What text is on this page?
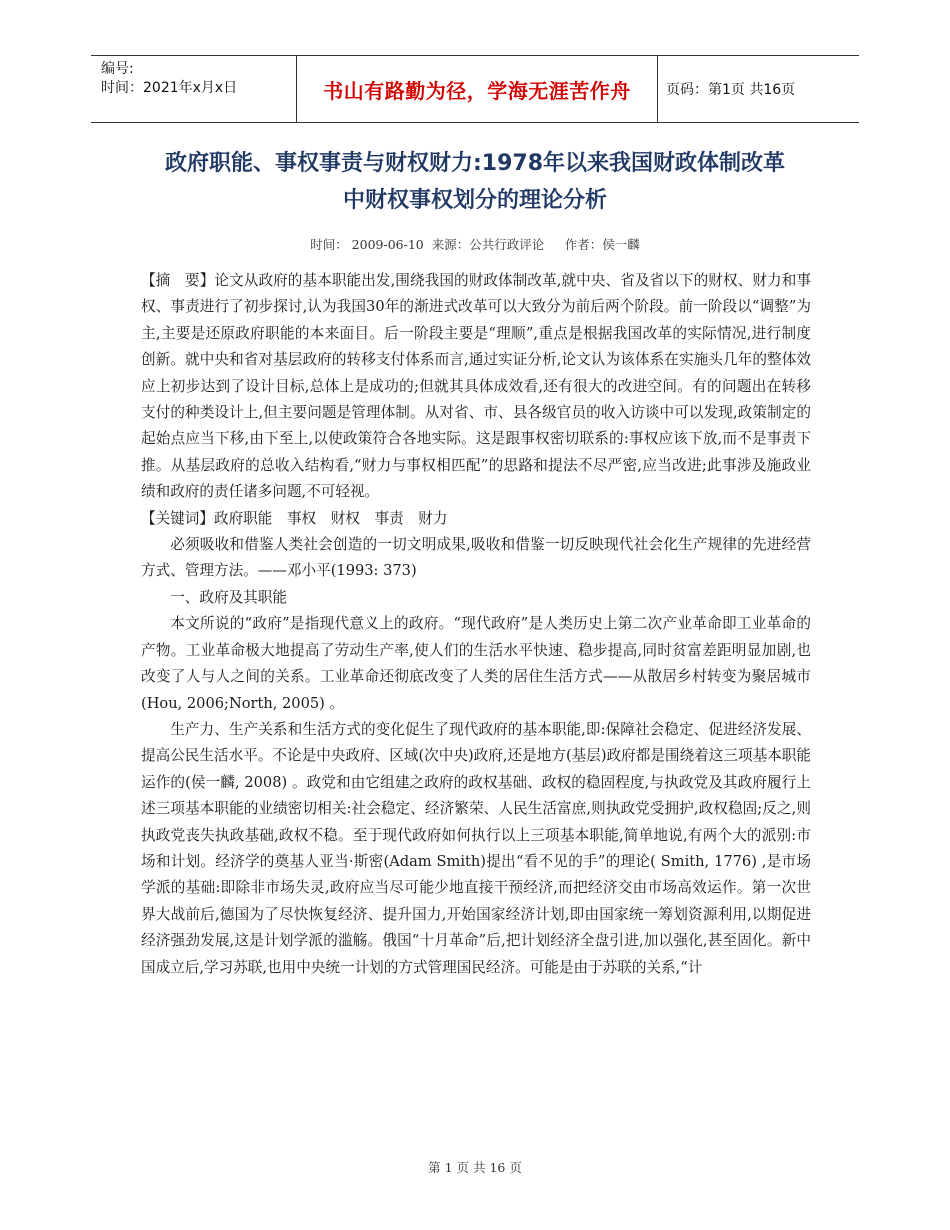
编号:
时间：2021年x月x日	书山有路勤为径，学海无涯苦作舟	页码：第1页 共16页
政府职能、事权事责与财权财力:1978年以来我国财政体制改革
中财权事权划分的理论分析
时间： 2009-06-10 来源：公共行政评论　 作者：侯一麟

【摘　要】论文从政府的基本职能出发,围绕我国的财政体制改革,就中央、省及省以下的财权、财力和事权、事责进行了初步探讨,认为我国30年的渐进式改革可以大致分为前后两个阶段。前一阶段以“调整”为主,主要是还原政府职能的本来面目。后一阶段主要是“理顺”,重点是根据我国改革的实际情况,进行制度创新。就中央和省对基层政府的转移支付体系而言,通过实证分析,论文认为该体系在实施头几年的整体效应上初步达到了设计目标,总体上是成功的;但就其具体成效看,还有很大的改进空间。有的问题出在转移支付的种类设计上,但主要问题是管理体制。从对省、市、县各级官员的收入访谈中可以发现,政策制定的起始点应当下移,由下至上,以使政策符合各地实际。这是跟事权密切联系的:事权应该下放,而不是事责下推。从基层政府的总收入结构看,“财力与事权相匹配”的思路和提法不尽严密,应当改进;此事涉及施政业绩和政府的责任诸多问题,不可轻视。

【关键词】政府职能　事权　财权　事责　财力

必须吸收和借鉴人类社会创造的一切文明成果,吸收和借鉴一切反映现代社会化生产规律的先进经营方式、管理方法。——邓小平(1993: 373)

一、政府及其职能

本文所说的“政府”是指现代意义上的政府。“现代政府”是人类历史上第二次产业革命即工业革命的产物。工业革命极大地提高了劳动生产率,使人们的生活水平快速、稳步提高,同时贫富差距明显加剧,也改变了人与人之间的关系。工业革命还彻底改变了人类的居住生活方式——从散居乡村转变为聚居城市(Hou, 2006;North, 2005) 。

生产力、生产关系和生活方式的变化促生了现代政府的基本职能,即:保障社会稳定、促进经济发展、提高公民生活水平。不论是中央政府、区域(次中央)政府,还是地方(基层)政府都是围绕着这三项基本职能运作的(侯一麟, 2008) 。政党和由它组建之政府的政权基础、政权的稳固程度,与执政党及其政府履行上述三项基本职能的业绩密切相关:社会稳定、经济繁荣、人民生活富庶,则执政党受拥护,政权稳固;反之,则执政党丧失执政基础,政权不稳。至于现代政府如何执行以上三项基本职能,简单地说,有两个大的派别:市场和计划。经济学的奠基人亚当·斯密(Adam Smith)提出“看不见的手”的理论( Smith, 1776) ,是市场学派的基础:即除非市场失灵,政府应当尽可能少地直接干预经济,而把经济交由市场高效运作。第一次世界大战前后,德国为了尽快恢复经济、提升国力,开始国家经济计划,即由国家统一筹划资源利用,以期促进经济强劲发展,这是计划学派的滥觞。俄国“十月革命”后,把计划经济全盘引进,加以强化,甚至固化。新中国成立后,学习苏联,也用中央统一计划的方式管理国民经济。可能是由于苏联的关系,“计

第 1 页 共 16 页
